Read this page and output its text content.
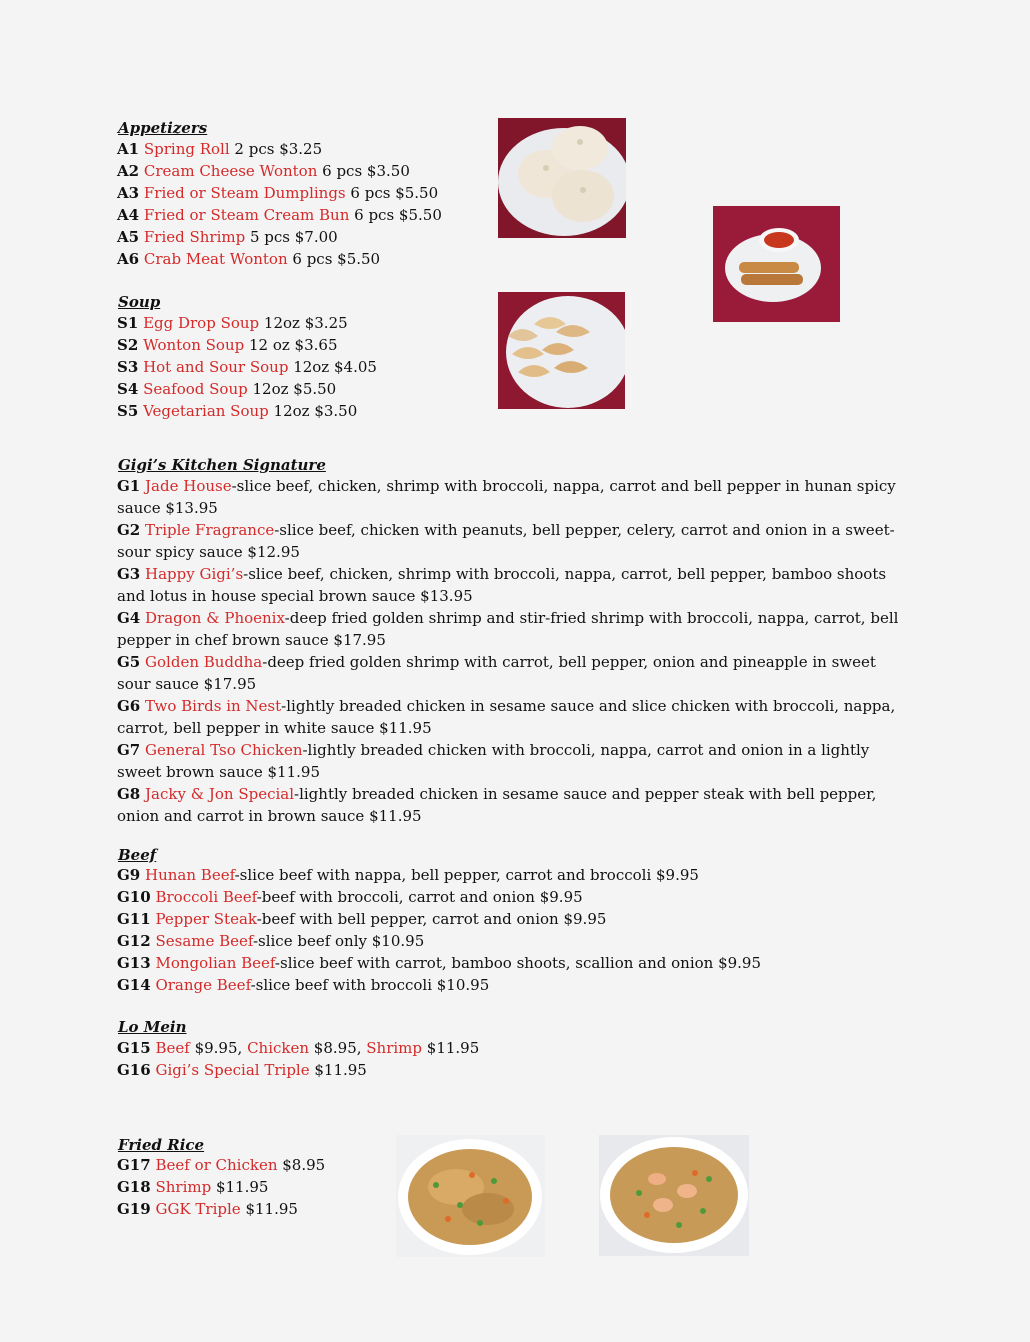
Appetizers
A1 Spring Roll 2 pcs $3.25
A2 Cream Cheese Wonton 6 pcs $3.50
A3 Fried or Steam Dumplings 6 pcs $5.50
A4 Fried or Steam Cream Bun 6 pcs $5.50
A5 Fried Shrimp 5 pcs $7.00
A6 Crab Meat Wonton 6 pcs $5.50
Soup
S1 Egg Drop Soup 12oz $3.25
S2 Wonton Soup 12 oz $3.65
S3 Hot and Sour Soup 12oz $4.05
S4 Seafood Soup 12oz $5.50
S5 Vegetarian Soup 12oz $3.50
Gigi’s Kitchen Signature
G1 Jade House-slice beef, chicken, shrimp with broccoli, nappa, carrot and bell pepper in hunan spicy sauce $13.95
G2 Triple Fragrance-slice beef, chicken with peanuts, bell pepper, celery, carrot and onion in a sweet-sour spicy sauce $12.95
G3 Happy Gigi’s-slice beef, chicken, shrimp with broccoli, nappa, carrot, bell pepper, bamboo shoots and lotus in house special brown sauce $13.95
G4 Dragon & Phoenix-deep fried golden shrimp and stir-fried shrimp with broccoli, nappa, carrot, bell pepper in chef brown sauce $17.95
G5 Golden Buddha-deep fried golden shrimp with carrot, bell pepper, onion and pineapple in sweet sour sauce $17.95
G6 Two Birds in Nest-lightly breaded chicken in sesame sauce and slice chicken with broccoli, nappa, carrot, bell pepper in white sauce $11.95
G7 General Tso Chicken-lightly breaded chicken with broccoli, nappa, carrot and onion in a lightly sweet brown sauce $11.95
G8 Jacky & Jon Special-lightly breaded chicken in sesame sauce and pepper steak with bell pepper, onion and carrot in brown sauce $11.95
Beef
G9 Hunan Beef-slice beef with nappa, bell pepper, carrot and broccoli $9.95
G10 Broccoli Beef-beef with broccoli, carrot and onion $9.95
G11 Pepper Steak-beef with bell pepper, carrot and onion $9.95
G12 Sesame Beef-slice beef only $10.95
G13 Mongolian Beef-slice beef with carrot, bamboo shoots, scallion and onion $9.95
G14 Orange Beef-slice beef with broccoli $10.95
Lo Mein
G15 Beef $9.95, Chicken $8.95, Shrimp $11.95
G16 Gigi’s Special Triple $11.95
Fried Rice
G17 Beef or Chicken $8.95
G18 Shrimp $11.95
G19 GGK Triple $11.95
